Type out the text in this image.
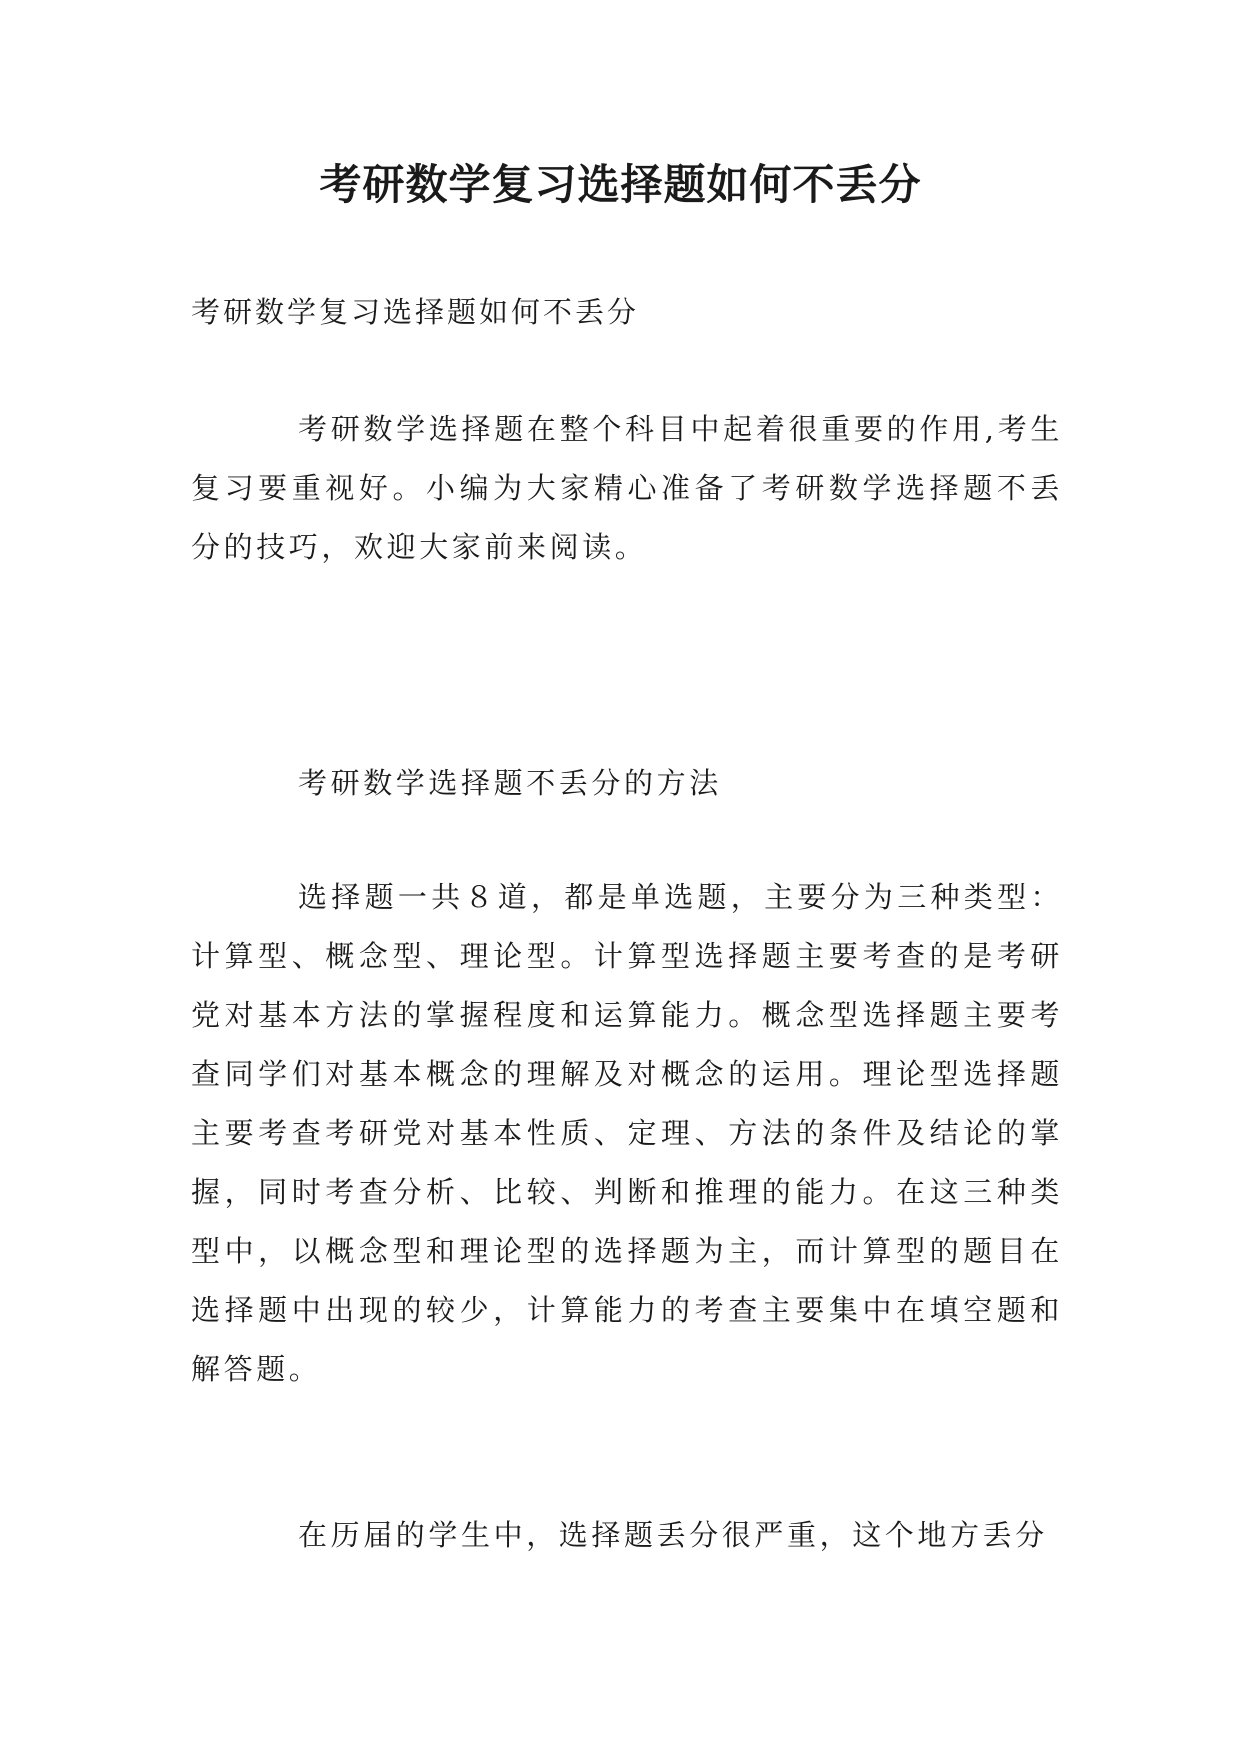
考研数学复习选择题如何不丢分

考研数学复习选择题如何不丢分

考研数学选择题在整个科目中起着很重要的作用,考生复习要重视好。小编为大家精心准备了考研数学选择题不丢分的技巧，欢迎大家前来阅读。

考研数学选择题不丢分的方法

选择题一共８道，都是单选题，主要分为三种类型：计算型、概念型、理论型。计算型选择题主要考查的是考研党对基本方法的掌握程度和运算能力。概念型选择题主要考查同学们对基本概念的理解及对概念的运用。理论型选择题主要考查考研党对基本性质、定理、方法的条件及结论的掌握，同时考查分析、比较、判断和推理的能力。在这三种类型中，以概念型和理论型的选择题为主，而计算型的题目在选择题中出现的较少，计算能力的考查主要集中在填空题和解答题。

在历届的学生中，选择题丢分很严重，这个地方丢分
